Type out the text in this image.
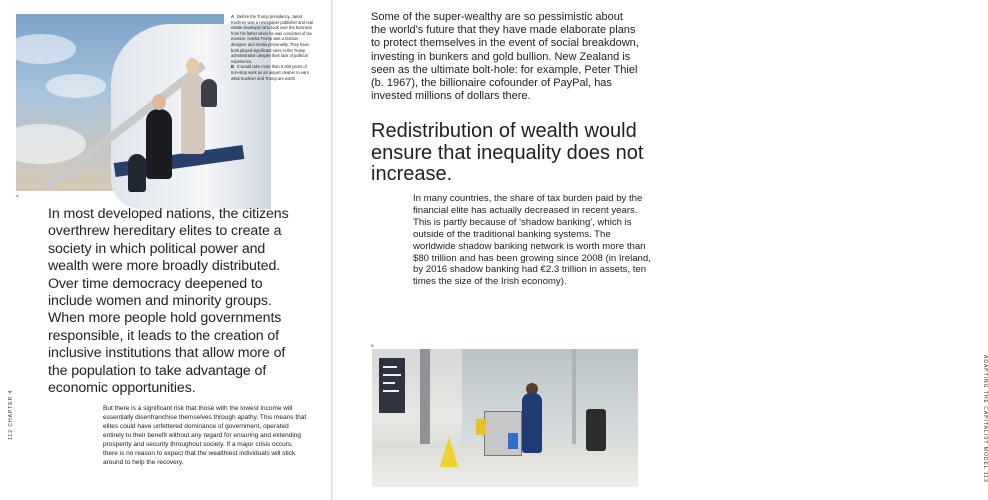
A

A Before the Trump presidency, Jared Kushner was a newspaper publisher and real estate developer who took over the business from his father when he was convicted of tax evasion. Ivanka Trump was a fashion designer and media personality. They have both played significant roles in the Trump administration despite their lack of political experience.

B It would take more than 6,000 years of non-stop work as an airport cleaner to earn what Kushner and Trump are worth.

In most developed nations, the citizens overthrew hereditary elites to create a society in which political power and wealth were more broadly distributed. Over time democracy deepened to include women and minority groups. When more people hold governments responsible, it leads to the creation of inclusive institutions that allow more of the population to take advantage of economic opportunities.

But there is a significant risk that those with the lowest income will essentially disenfranchise themselves through apathy. This means that elites could have unfettered dominance of government, operated entirely to their benefit without any regard for ensuring and extending prosperity and security throughout society. If a major crisis occurs, there is no reason to expect that the wealthiest individuals will stick around to help the recovery.

112 CHAPTER 4

Some of the super-wealthy are so pessimistic about the world's future that they have made elaborate plans to protect themselves in the event of social breakdown, investing in bunkers and gold bullion. New Zealand is seen as the ultimate bolt-hole: for example, Peter Thiel (b. 1967), the billionaire cofounder of PayPal, has invested millions of dollars there.

Redistribution of wealth would ensure that inequality does not increase.

In many countries, the share of tax burden paid by the financial elite has actually decreased in recent years. This is partly because of 'shadow banking', which is outside of the traditional banking systems. The worldwide shadow banking network is worth more than $80 trillion and has been growing since 2008 (in Ireland, by 2016 shadow banking had €2.3 trillion in assets, ten times the size of the Irish economy).

B
ADAPTING THE CAPITALIST MODEL 113
